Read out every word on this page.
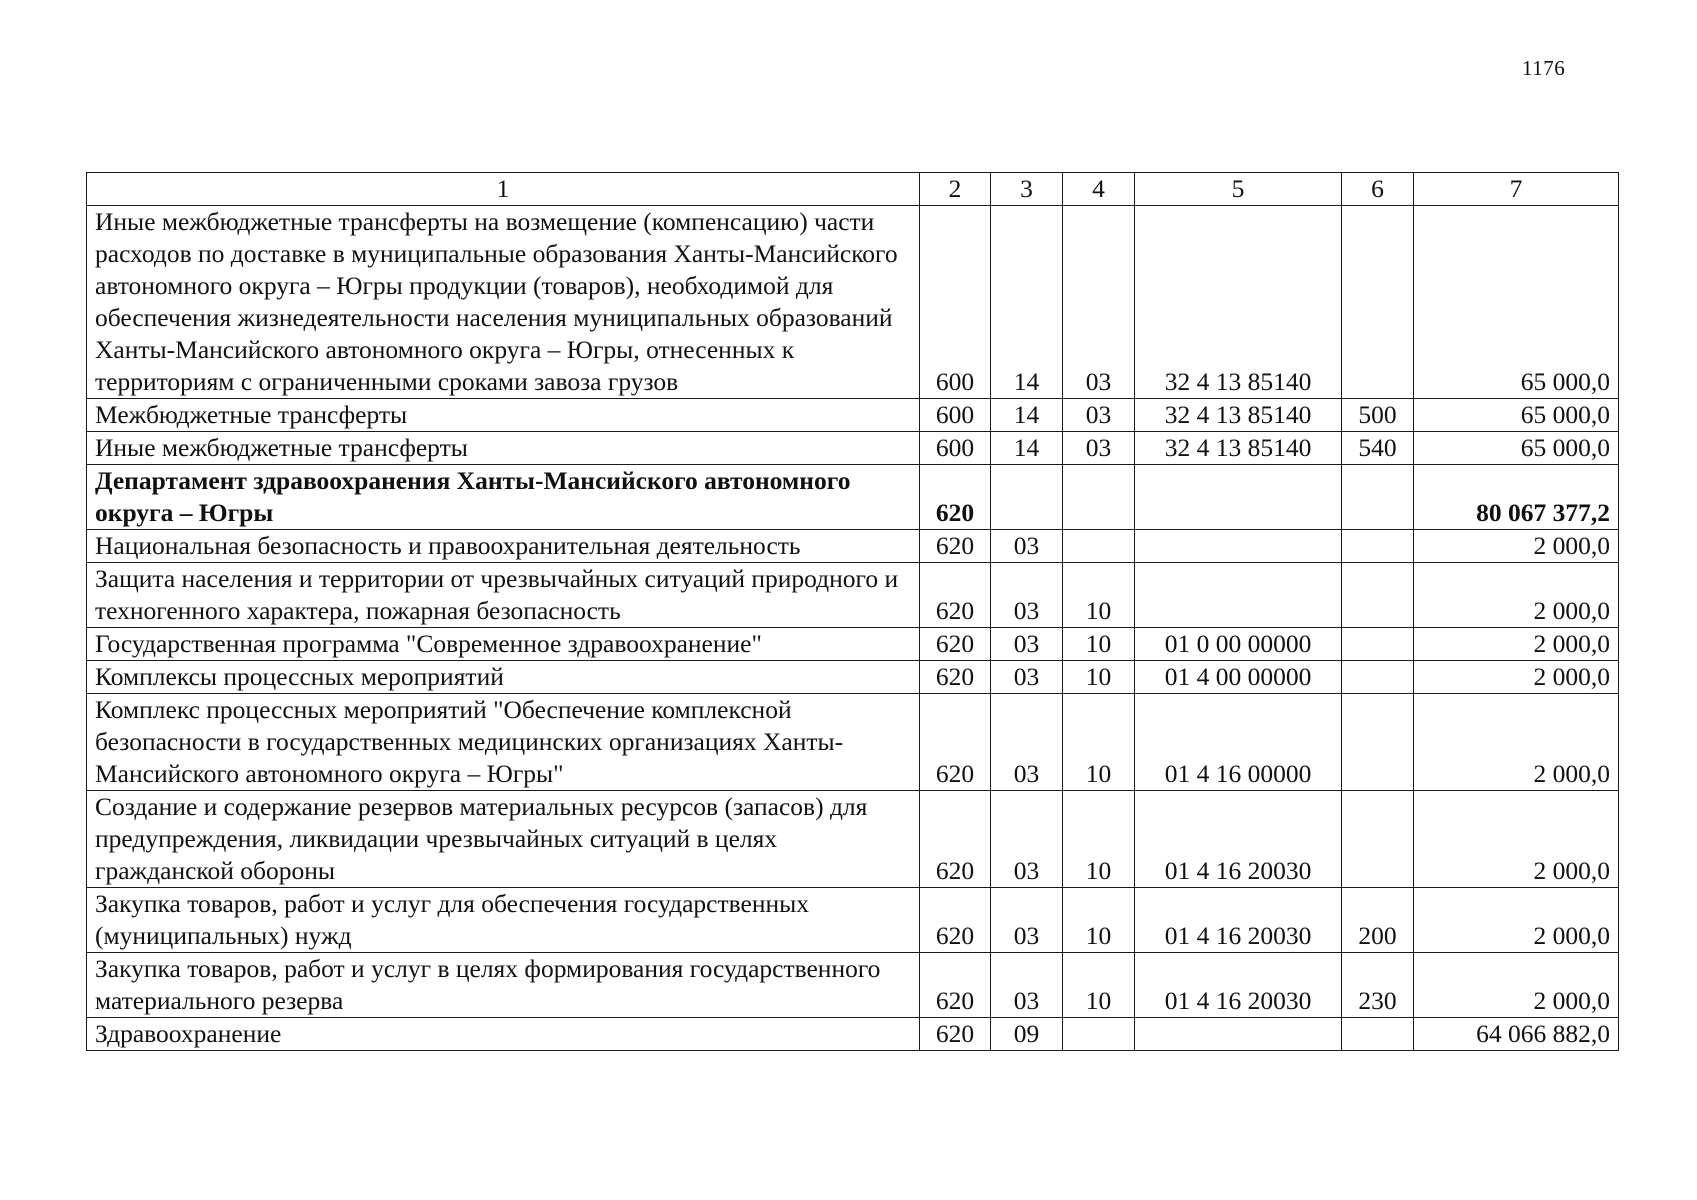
1176
1	2	3	4	5	6	7
Иные межбюджетные трансферты на возмещение (компенсацию) части расходов по доставке в муниципальные образования Ханты-Мансийского автономного округа – Югры продукции (товаров), необходимой для обеспечения жизнедеятельности населения муниципальных образований Ханты-Мансийского автономного округа – Югры, отнесенных к территориям с ограниченными сроками завоза грузов	600	14	03	32 4 13 85140		65 000,0
Межбюджетные трансферты	600	14	03	32 4 13 85140	500	65 000,0
Иные межбюджетные трансферты	600	14	03	32 4 13 85140	540	65 000,0
Департамент здравоохранения Ханты-Мансийского автономного округа – Югры	620					80 067 377,2
Национальная безопасность и правоохранительная деятельность	620	03				2 000,0
Защита населения и территории от чрезвычайных ситуаций природного и техногенного характера, пожарная безопасность	620	03	10			2 000,0
Государственная программа "Современное здравоохранение"	620	03	10	01 0 00 00000		2 000,0
Комплексы процессных мероприятий	620	03	10	01 4 00 00000		2 000,0
Комплекс процессных мероприятий "Обеспечение комплексной безопасности в государственных медицинских организациях Ханты-Мансийского автономного округа – Югры"	620	03	10	01 4 16 00000		2 000,0
Создание и содержание резервов материальных ресурсов (запасов) для предупреждения, ликвидации чрезвычайных ситуаций в целях гражданской обороны	620	03	10	01 4 16 20030		2 000,0
Закупка товаров, работ и услуг для обеспечения государственных (муниципальных) нужд	620	03	10	01 4 16 20030	200	2 000,0
Закупка товаров, работ и услуг в целях формирования государственного материального резерва	620	03	10	01 4 16 20030	230	2 000,0
Здравоохранение	620	09				64 066 882,0
